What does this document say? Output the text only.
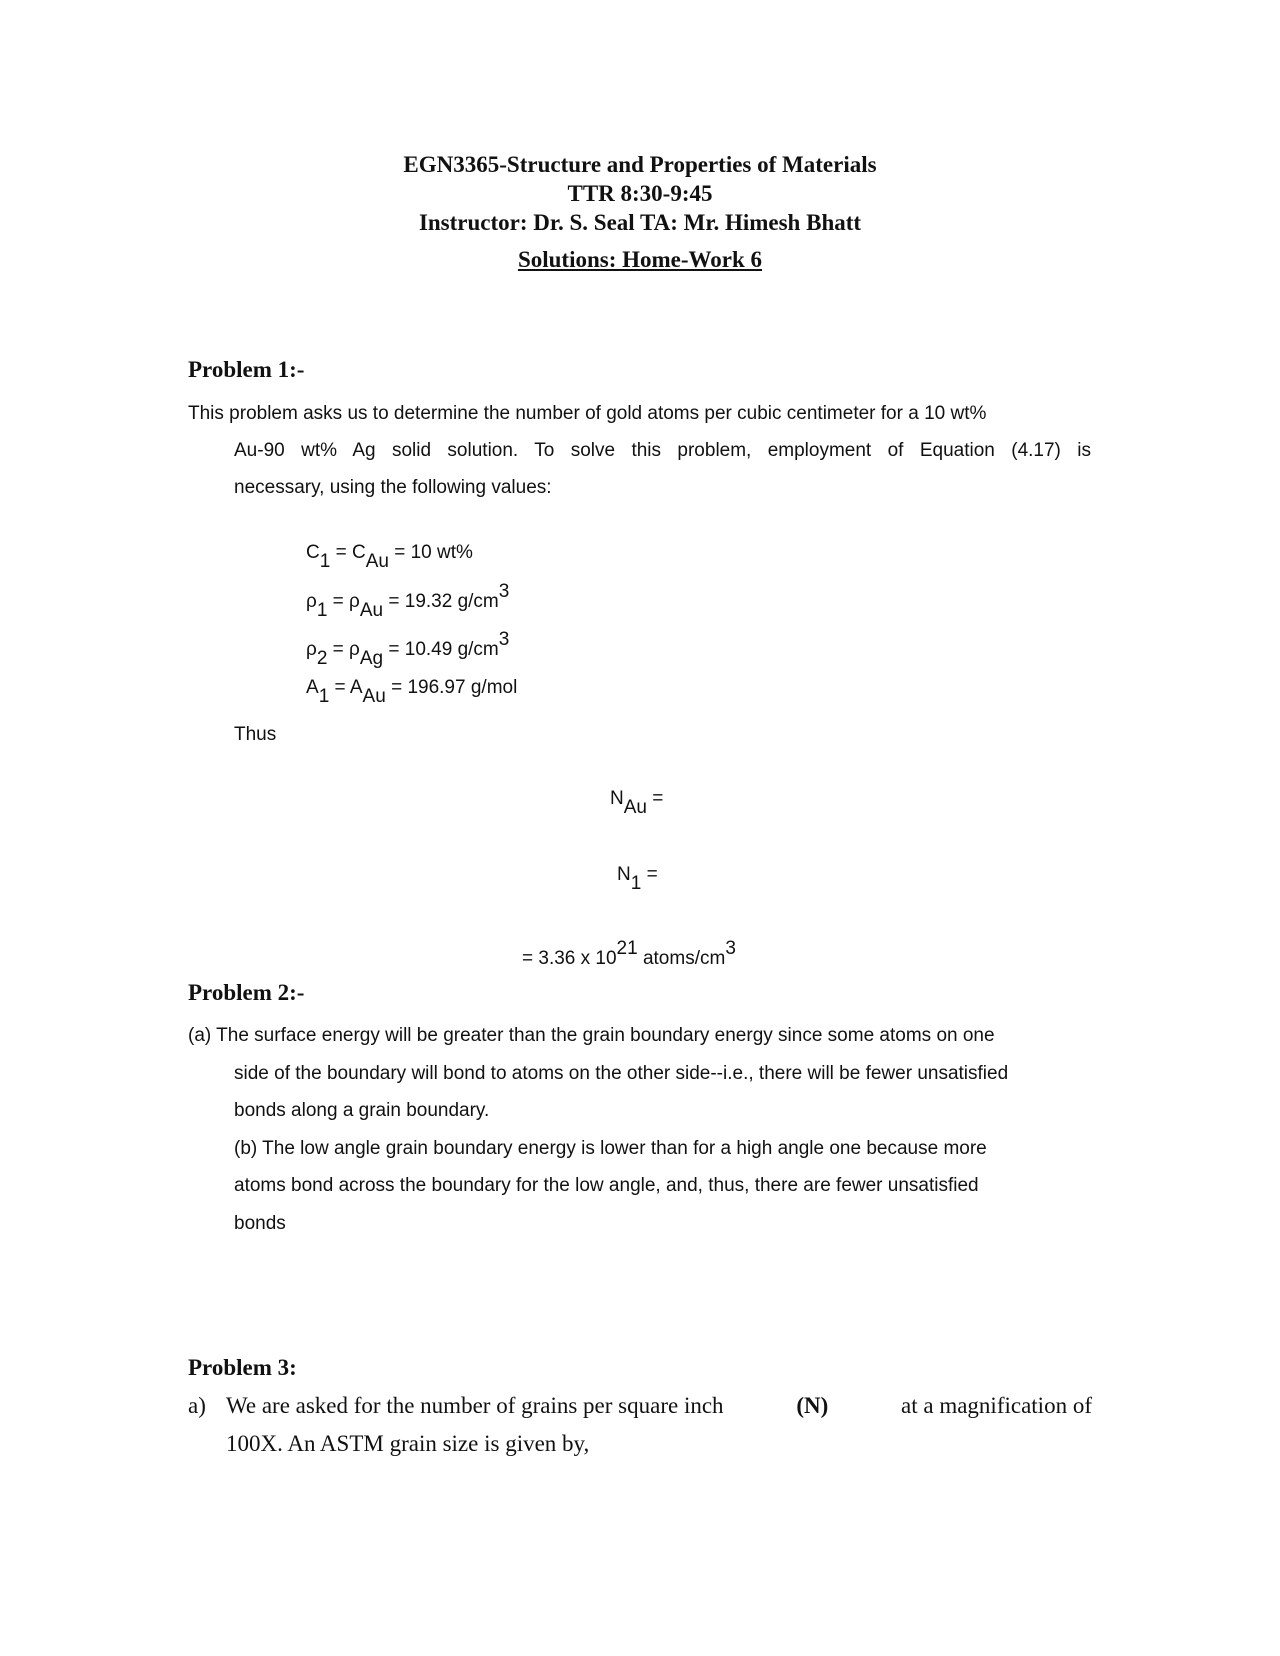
EGN3365-Structure and Properties of Materials
TTR 8:30-9:45
Instructor: Dr. S. Seal TA: Mr. Himesh Bhatt
Solutions: Home-Work 6
Problem 1:-
This problem asks us to determine the number of gold atoms per cubic centimeter for a 10 wt%
Au-90 wt% Ag solid solution. To solve this problem, employment of Equation (4.17) is
necessary, using the following values:
C1 = CAu = 10 wt%
ρ1 = ρAu = 19.32 g/cm3
ρ2 = ρAg = 10.49 g/cm3
A1 = AAu = 196.97 g/mol
Thus
NAu =
N1 =
= 3.36 x 1021 atoms/cm3
Problem 2:-
(a) The surface energy will be greater than the grain boundary energy since some atoms on one
side of the boundary will bond to atoms on the other side--i.e., there will be fewer unsatisfied
bonds along a grain boundary.
(b) The low angle grain boundary energy is lower than for a high angle one because more
atoms bond across the boundary for the low angle, and, thus, there are fewer unsatisfied
bonds
Problem 3:
a) We are asked for the number of grains per square inch	(N)	at a magnification of
100X. An ASTM grain size is given by,
